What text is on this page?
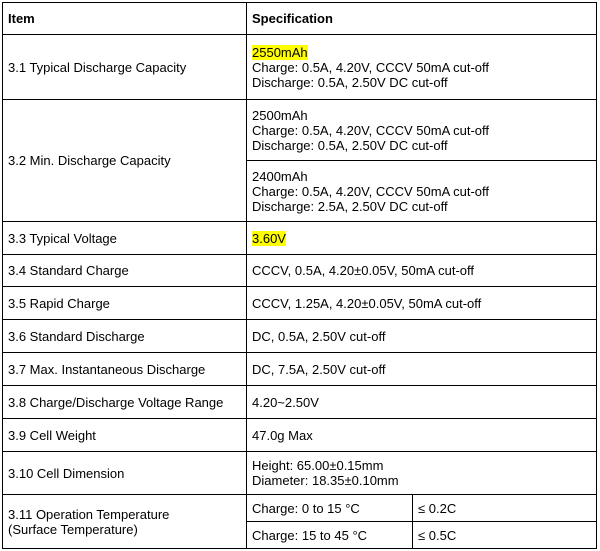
Item	Specification	
3.1 Typical Discharge Capacity	2550mAh
Charge: 0.5A, 4.20V, CCCV 50mA cut-off
Discharge: 0.5A, 2.50V DC cut-off	

3.2 Min. Discharge Capacity	2500mAh
Charge: 0.5A, 4.20V, CCCV 50mA cut-off
Discharge: 0.5A, 2.50V DC cut-off	

	2400mAh
Charge: 0.5A, 4.20V, CCCV 50mA cut-off
Discharge: 2.5A, 2.50V DC cut-off	

3.3 Typical Voltage	3.60V	
3.4 Standard Charge	CCCV, 0.5A, 4.20±0.05V, 50mA cut-off	
3.5 Rapid Charge	CCCV, 1.25A, 4.20±0.05V, 50mA cut-off	
3.6 Standard Discharge	DC, 0.5A, 2.50V cut-off	
3.7 Max. Instantaneous Discharge	DC, 7.5A, 2.50V cut-off	
3.8 Charge/Discharge Voltage Range	4.20~2.50V	
3.9 Cell Weight	47.0g Max	
3.10 Cell Dimension	Height: 65.00±0.15mm
Diameter: 18.35±0.10mm	

3.11 Operation Temperature
(Surface Temperature)	Charge: 0 to 15 °C	≤ 0.2C
	Charge: 15 to 45 °C	≤ 0.5C
